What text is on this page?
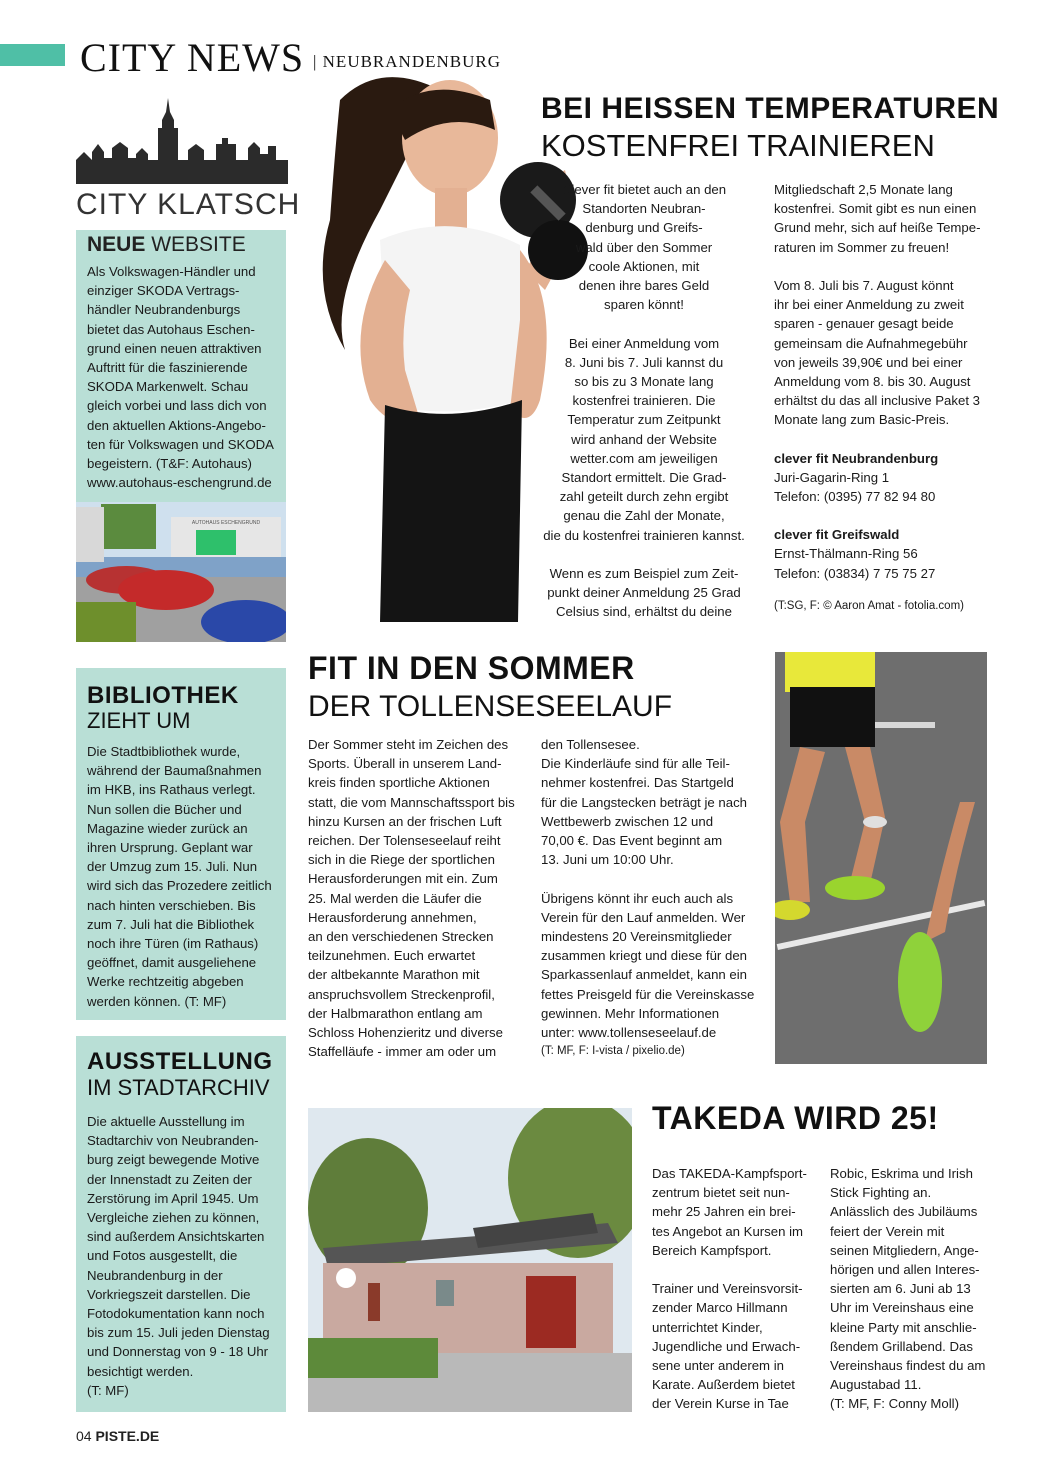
CITY NEWS | NEUBRANDENBURG
CITY KLATSCH
NEUE WEBSITE
Als Volkswagen-Händler und
einziger SKODA Vertrags-
händler Neubrandenburgs
bietet das Autohaus Eschen-
grund einen neuen attraktiven
Auftritt für die faszinierende
SKODA Markenwelt. Schau
gleich vorbei und lass dich von
den aktuellen Aktions-Angebo-
ten für Volkswagen und SKODA
begeistern. (T&F: Autohaus)
www.autohaus-eschengrund.de
AUTOHAUS ESCHENGRUND
BIBLIOTHEK
ZIEHT UM
Die Stadtbibliothek wurde,
während der Baumaßnahmen
im HKB, ins Rathaus verlegt.
Nun sollen die Bücher und
Magazine wieder zurück an
ihren Ursprung. Geplant war
der Umzug zum 15. Juli. Nun
wird sich das Prozedere zeitlich
nach hinten verschieben. Bis
zum 7. Juli hat die Bibliothek
noch ihre Türen (im Rathaus)
geöffnet, damit ausgeliehene
Werke rechtzeitig abgeben
werden können. (T: MF)
AUSSTELLUNG
IM STADTARCHIV
Die aktuelle Ausstellung im
Stadtarchiv von Neubranden-
burg zeigt bewegende Motive
der Innenstadt zu Zeiten der
Zerstörung im April 1945. Um
Vergleiche ziehen zu können,
sind außerdem Ansichtskarten
und Fotos ausgestellt, die
Neubrandenburg in der
Vorkriegszeit darstellen. Die
Fotodokumentation kann noch
bis zum 15. Juli jeden Dienstag
und Donnerstag von 9 - 18 Uhr
besichtigt werden.
(T: MF)
BEI HEISSEN TEMPERATUREN
KOSTENFREI TRAINIEREN
Clever fit bietet auch an den
Standorten Neubran-
denburg und Greifs-
wald über den Sommer
coole Aktionen, mit
denen ihre bares Geld
sparen könnt!

Bei einer Anmeldung vom
8. Juni bis 7. Juli kannst du
so bis zu 3 Monate lang
kostenfrei trainieren. Die
Temperatur zum Zeitpunkt
wird anhand der Website
wetter.com am jeweiligen
Standort ermittelt. Die Grad-
zahl geteilt durch zehn ergibt
genau die Zahl der Monate,
die du kostenfrei trainieren kannst.

Wenn es zum Beispiel zum Zeit-
punkt deiner Anmeldung 25 Grad
Celsius sind, erhältst du deine
Mitgliedschaft 2,5 Monate lang
kostenfrei. Somit gibt es nun einen
Grund mehr, sich auf heiße Tempe-
raturen im Sommer zu freuen!

Vom 8. Juli bis 7. August könnt
ihr bei einer Anmeldung zu zweit
sparen - genauer gesagt beide
gemeinsam die Aufnahmegebühr
von jeweils 39,90€ und bei einer
Anmeldung vom 8. bis 30. August
erhältst du das all inclusive Paket 3
Monate lang zum Basic-Preis.
clever fit Neubrandenburg
Juri-Gagarin-Ring 1
Telefon: (0395) 77 82 94 80
clever fit Greifswald
Ernst-Thälmann-Ring 56
Telefon: (03834) 7 75 75 27
(T:SG, F: © Aaron Amat - fotolia.com)
FIT IN DEN SOMMER
DER TOLLENSESEELAUF
Der Sommer steht im Zeichen des
Sports. Überall in unserem Land-
kreis finden sportliche Aktionen
statt, die vom Mannschaftssport bis
hinzu Kursen an der frischen Luft
reichen. Der Tolenseseelauf reiht
sich in die Riege der sportlichen
Herausforderungen mit ein. Zum
25. Mal werden die Läufer die
Herausforderung annehmen,
an den verschiedenen Strecken
teilzunehmen. Euch erwartet
der altbekannte Marathon mit
anspruchsvollem Streckenprofil,
der Halbmarathon entlang am
Schloss Hohenzieritz und diverse
Staffelläufe - immer am oder um
den Tollensesee.
Die Kinderläufe sind für alle Teil-
nehmer kostenfrei. Das Startgeld
für die Langstecken beträgt je nach
Wettbewerb zwischen 12 und
70,00 €. Das Event beginnt am
13. Juni um 10:00 Uhr.

Übrigens könnt ihr euch auch als
Verein für den Lauf anmelden. Wer
mindestens 20 Vereinsmitglieder
zusammen kriegt und diese für den
Sparkassenlauf anmeldet, kann ein
fettes Preisgeld für die Vereinskasse
gewinnen. Mehr Informationen
unter: www.tollenseseelauf.de
(T: MF, F: I-vista / pixelio.de)
TAKEDA WIRD 25!
Das TAKEDA-Kampfsport-
zentrum bietet seit nun-
mehr 25 Jahren ein brei-
tes Angebot an Kursen im
Bereich Kampfsport.

Trainer und Vereinsvorsit-
zender Marco Hillmann
unterrichtet Kinder,
Jugendliche und Erwach-
sene unter anderem in
Karate. Außerdem bietet
der Verein Kurse in Tae
Robic, Eskrima und Irish
Stick Fighting an.
Anlässlich des Jubiläums
feiert der Verein mit
seinen Mitgliedern, Ange-
hörigen und allen Interes-
sierten am 6. Juni ab 13
Uhr im Vereinshaus eine
kleine Party mit anschlie-
ßendem Grillabend. Das
Vereinshaus findest du am
Augustabad 11.
(T: MF, F: Conny Moll)
04 PISTE.DE
